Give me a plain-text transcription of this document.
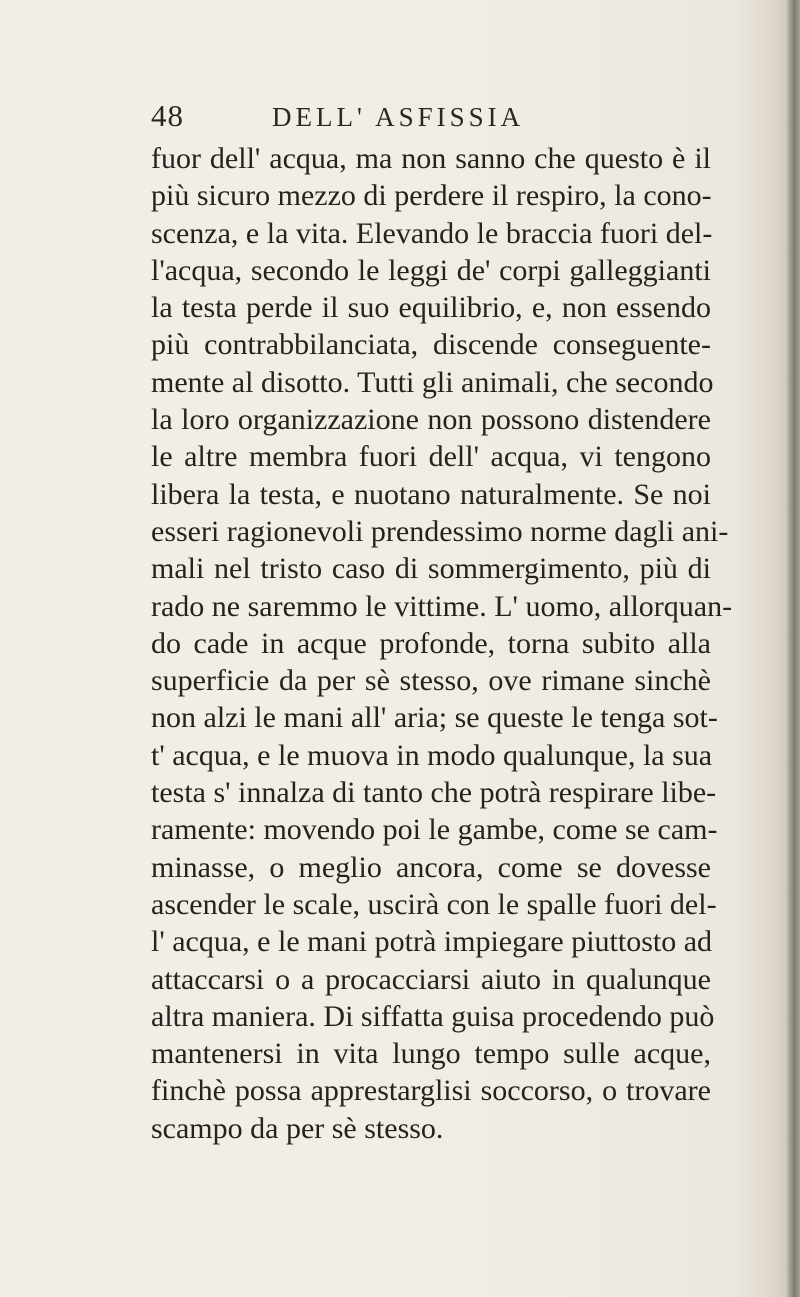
48	DELL' ASFISSIA
fuor dell' acqua, ma non sanno che questo è il
più sicuro mezzo di perdere il respiro, la cono-
scenza, e la vita. Elevando le braccia fuori del-
l'acqua, secondo le leggi de' corpi galleggianti
la testa perde il suo equilibrio, e, non essendo
più contrabbilanciata, discende conseguente-
mente al disotto. Tutti gli animali, che secondo
la loro organizzazione non possono distendere
le altre membra fuori dell' acqua, vi tengono
libera la testa, e nuotano naturalmente. Se noi
esseri ragionevoli prendessimo norme dagli ani-
mali nel tristo caso di sommergimento, più di
rado ne saremmo le vittime. L' uomo, allorquan-
do cade in acque profonde, torna subito alla
superficie da per sè stesso, ove rimane sinchè
non alzi le mani all' aria; se queste le tenga sot-
t' acqua, e le muova in modo qualunque, la sua
testa s' innalza di tanto che potrà respirare libe-
ramente: movendo poi le gambe, come se cam-
minasse, o meglio ancora, come se dovesse
ascender le scale, uscirà con le spalle fuori del-
l' acqua, e le mani potrà impiegare piuttosto ad
attaccarsi o a procacciarsi aiuto in qualunque
altra maniera. Di siffatta guisa procedendo può
mantenersi in vita lungo tempo sulle acque,
finchè possa apprestarglisi soccorso, o trovare
scampo da per sè stesso.
